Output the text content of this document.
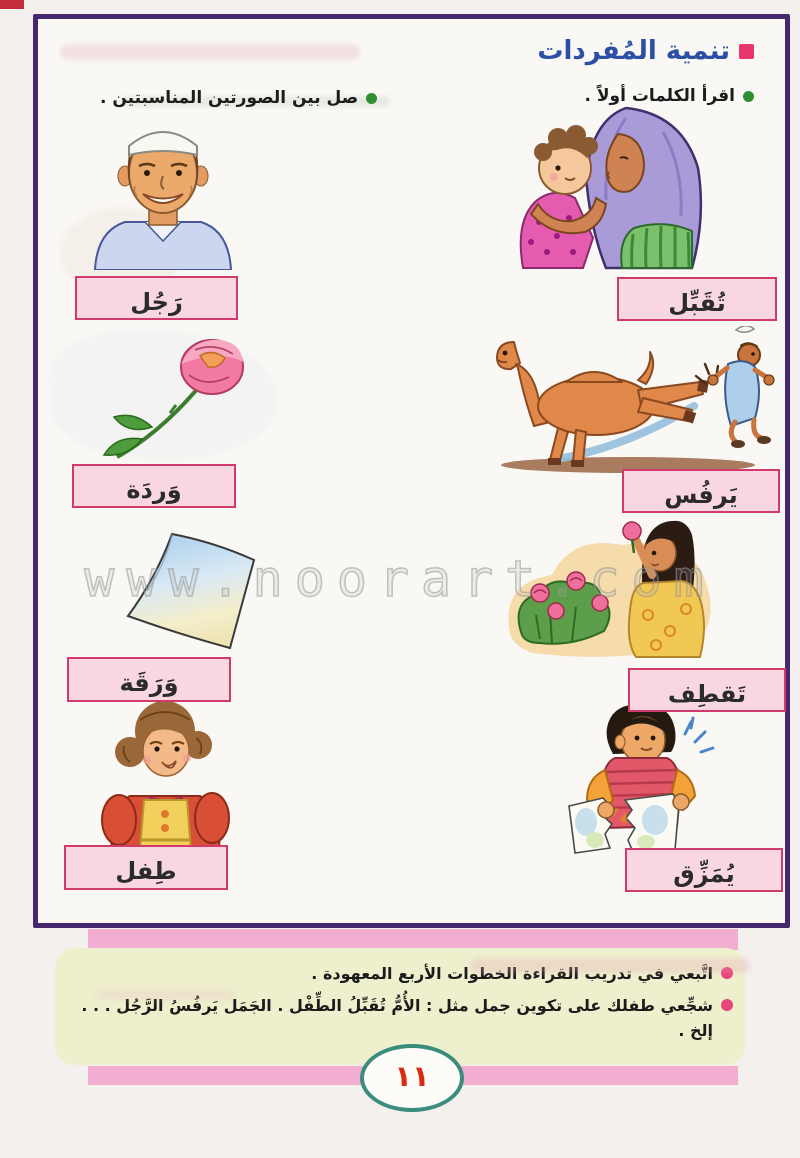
تنمية المُفردات
اقرأ الكلمات أولاً .
صل بين الصورتين المناسبتين .
رَجُل	تُقَبِّل
وَردَة	يَرفُس
وَرَقَة	تَقطِف
طِفل	يُمَزِّق
اتَّبعي في تدريب القراءة الخطوات الأربع المعهودة .
شجِّعي طفلك على تكوين جمل مثل : الأُمُّ تُقَبِّلُ الطِّفْل . الجَمَل يَرفُسُ الرَّجُل . . . إلخ .
١١
